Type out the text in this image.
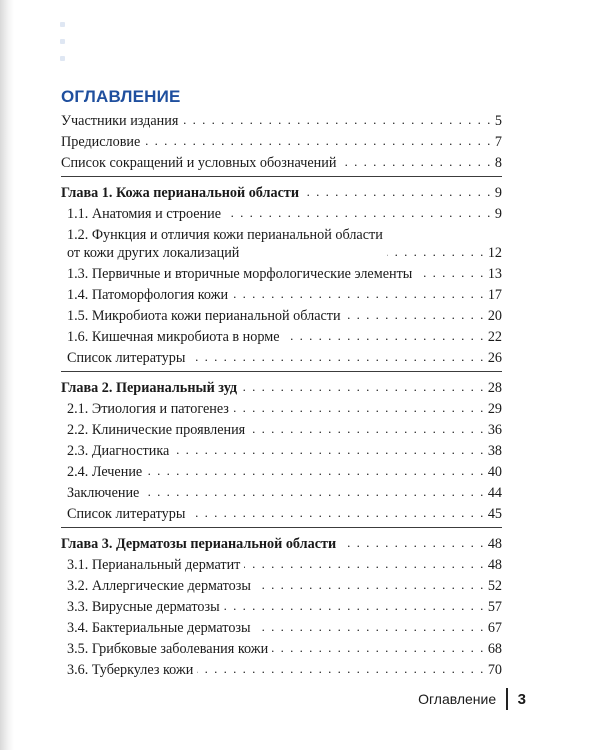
ОГЛАВЛЕНИЕ
Участники издания . . .	5
Предисловие . . .	7
Список сокращений и условных обозначений . . .	8
Глава 1. Кожа перианальной области . . .	9
1.1. Анатомия и строение . . .	9
1.2. Функция и отличия кожи перианальной области
от кожи других локализаций . . .	12
1.3. Первичные и вторичные морфологические элементы . . .	13
1.4. Патоморфология кожи . . .	17
1.5. Микробиота кожи перианальной области . . .	20
1.6. Кишечная микробиота в норме . . .	22
Список литературы . . .	26
Глава 2. Перианальный зуд . . .	28
2.1. Этиология и патогенез . . .	29
2.2. Клинические проявления . . .	36
2.3. Диагностика . . .	38
2.4. Лечение . . .	40
Заключение . . .	44
Список литературы . . .	45
Глава 3. Дерматозы перианальной области . . .	48
3.1. Перианальный дерматит . . .	48
3.2. Аллергические дерматозы . . .	52
3.3. Вирусные дерматозы . . .	57
3.4. Бактериальные дерматозы . . .	67
3.5. Грибковые заболевания кожи . . .	68
3.6. Туберкулез кожи . . .	70
Оглавление 3
